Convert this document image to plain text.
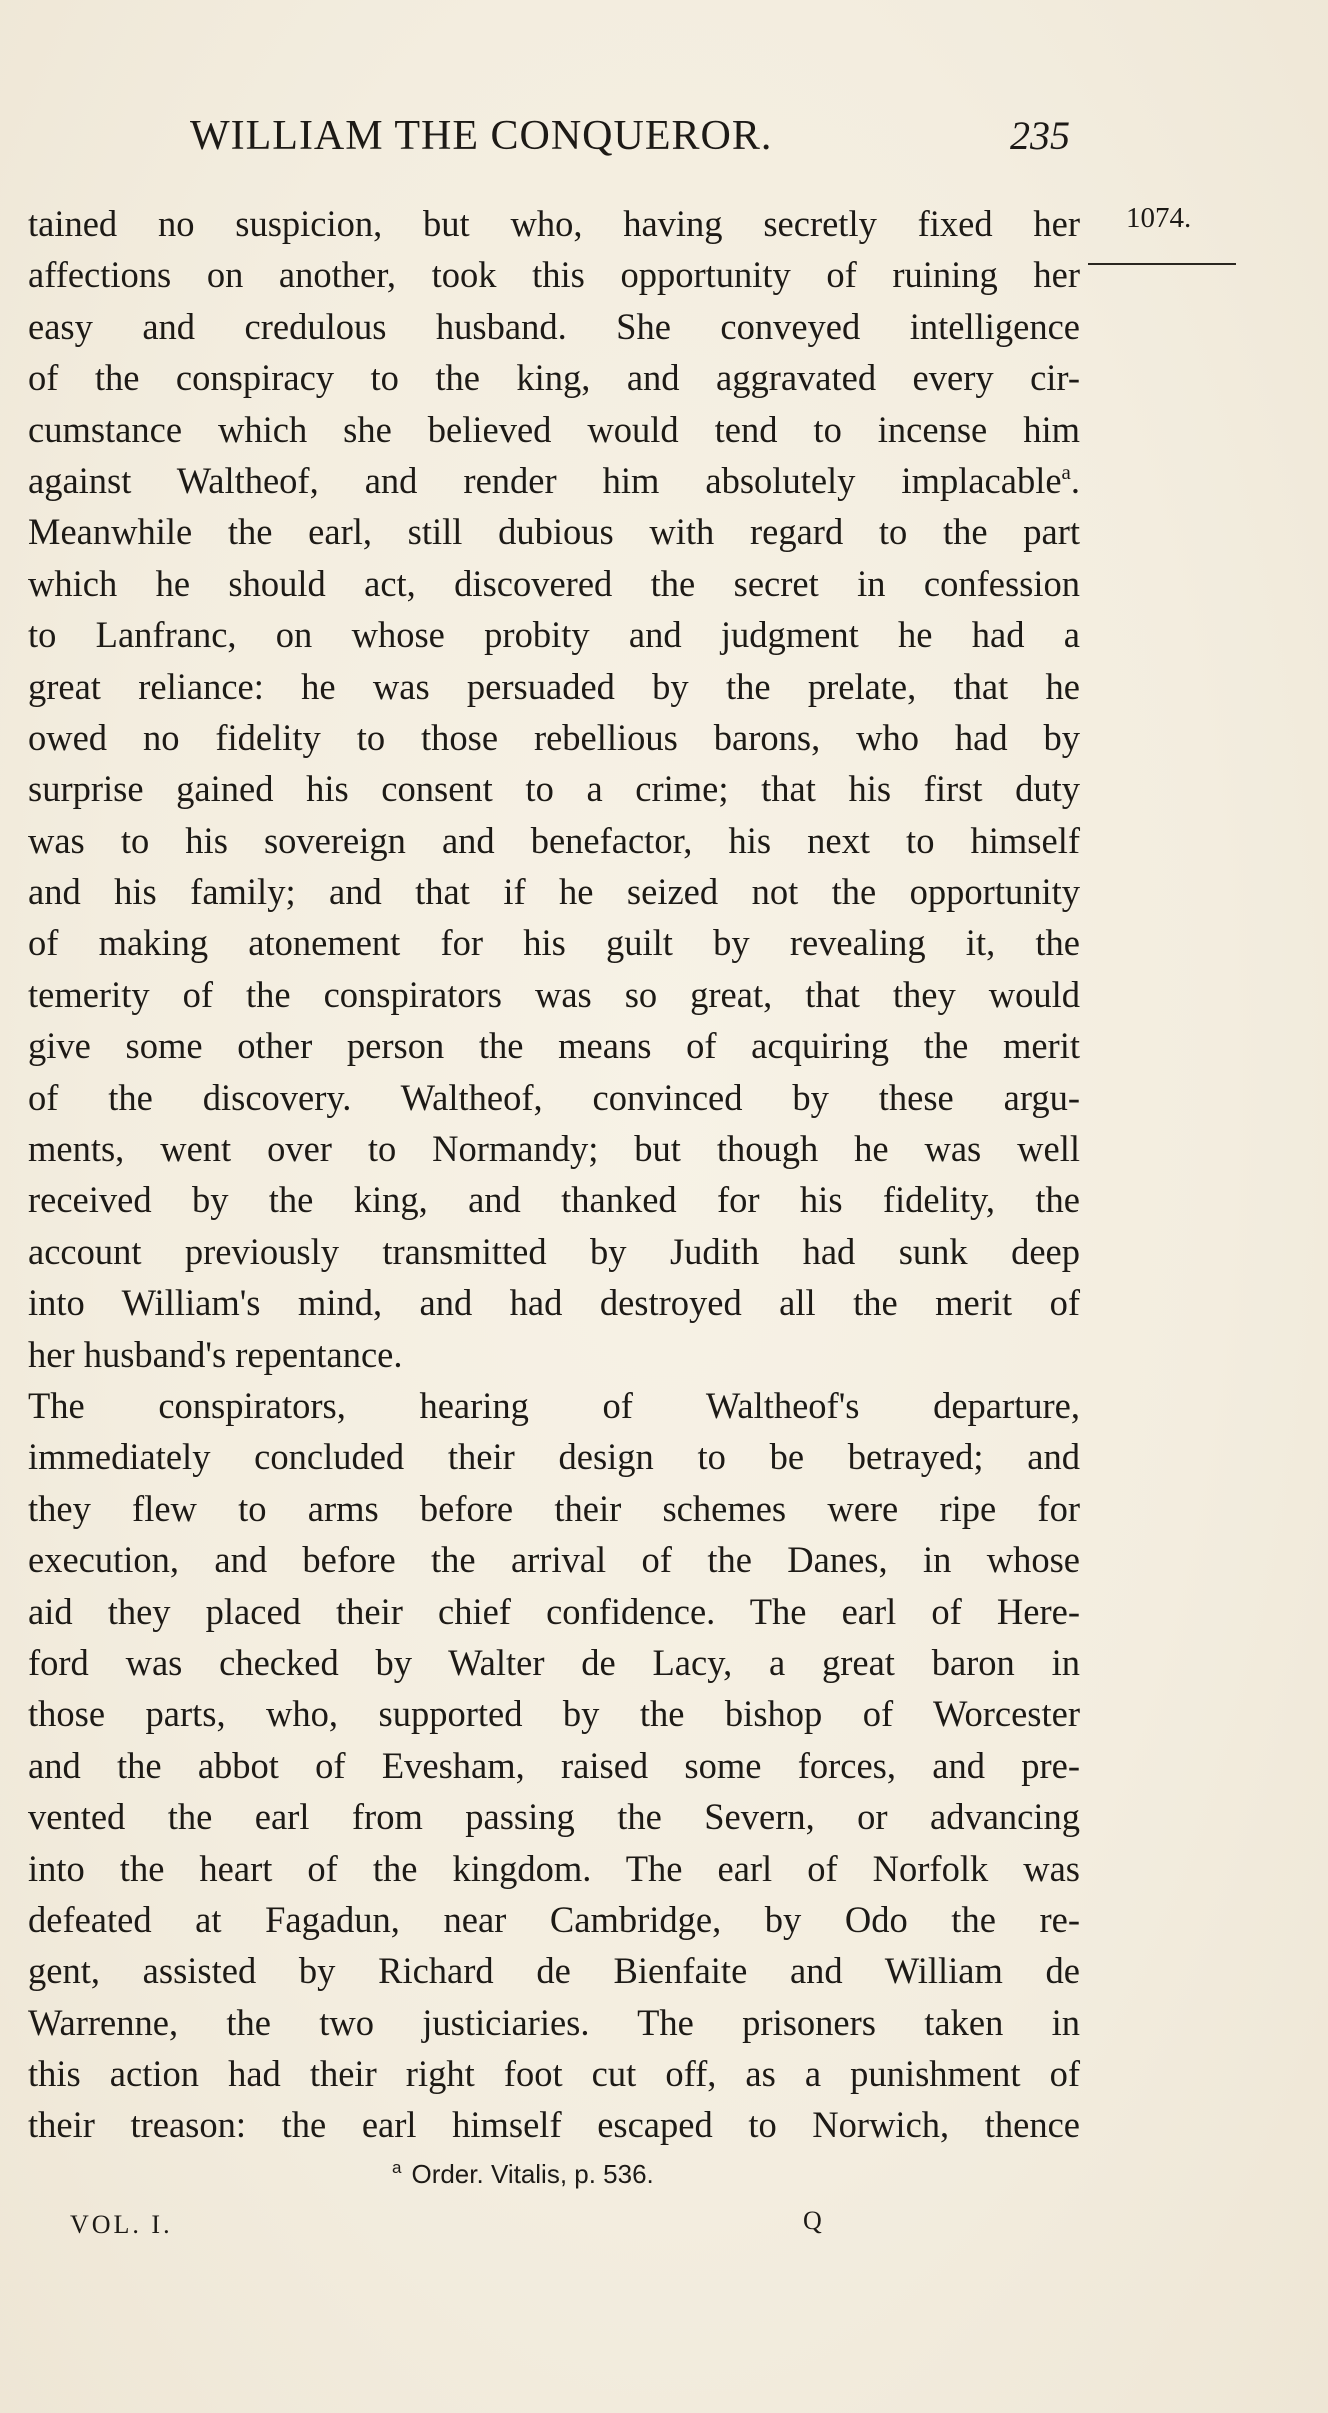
WILLIAM THE CONQUEROR.	235
1074.
tained no suspicion, but who, having secretly fixed her
affections on another, took this opportunity of ruining her
easy and credulous husband. She conveyed intelligence
of the conspiracy to the king, and aggravated every cir-
cumstance which she believed would tend to incense him
against Waltheof, and render him absolutely implacable$^a$.
Meanwhile the earl, still dubious with regard to the part
which he should act, discovered the secret in confession
to Lanfranc, on whose probity and judgment he had a
great reliance: he was persuaded by the prelate, that he
owed no fidelity to those rebellious barons, who had by
surprise gained his consent to a crime; that his first duty
was to his sovereign and benefactor, his next to himself
and his family; and that if he seized not the opportunity
of making atonement for his guilt by revealing it, the
temerity of the conspirators was so great, that they would
give some other person the means of acquiring the merit
of the discovery. Waltheof, convinced by these argu-
ments, went over to Normandy; but though he was well
received by the king, and thanked for his fidelity, the
account previously transmitted by Judith had sunk deep
into William's mind, and had destroyed all the merit of
her husband's repentance.
The conspirators, hearing of Waltheof's departure,
immediately concluded their design to be betrayed; and
they flew to arms before their schemes were ripe for
execution, and before the arrival of the Danes, in whose
aid they placed their chief confidence. The earl of Here-
ford was checked by Walter de Lacy, a great baron in
those parts, who, supported by the bishop of Worcester
and the abbot of Evesham, raised some forces, and pre-
vented the earl from passing the Severn, or advancing
into the heart of the kingdom. The earl of Norfolk was
defeated at Fagadun, near Cambridge, by Odo the re-
gent, assisted by Richard de Bienfaite and William de
Warrenne, the two justiciaries. The prisoners taken in
this action had their right foot cut off, as a punishment of
their treason: the earl himself escaped to Norwich, thence
$^a$ Order. Vitalis, p. 536.
VOL. I.	Q
